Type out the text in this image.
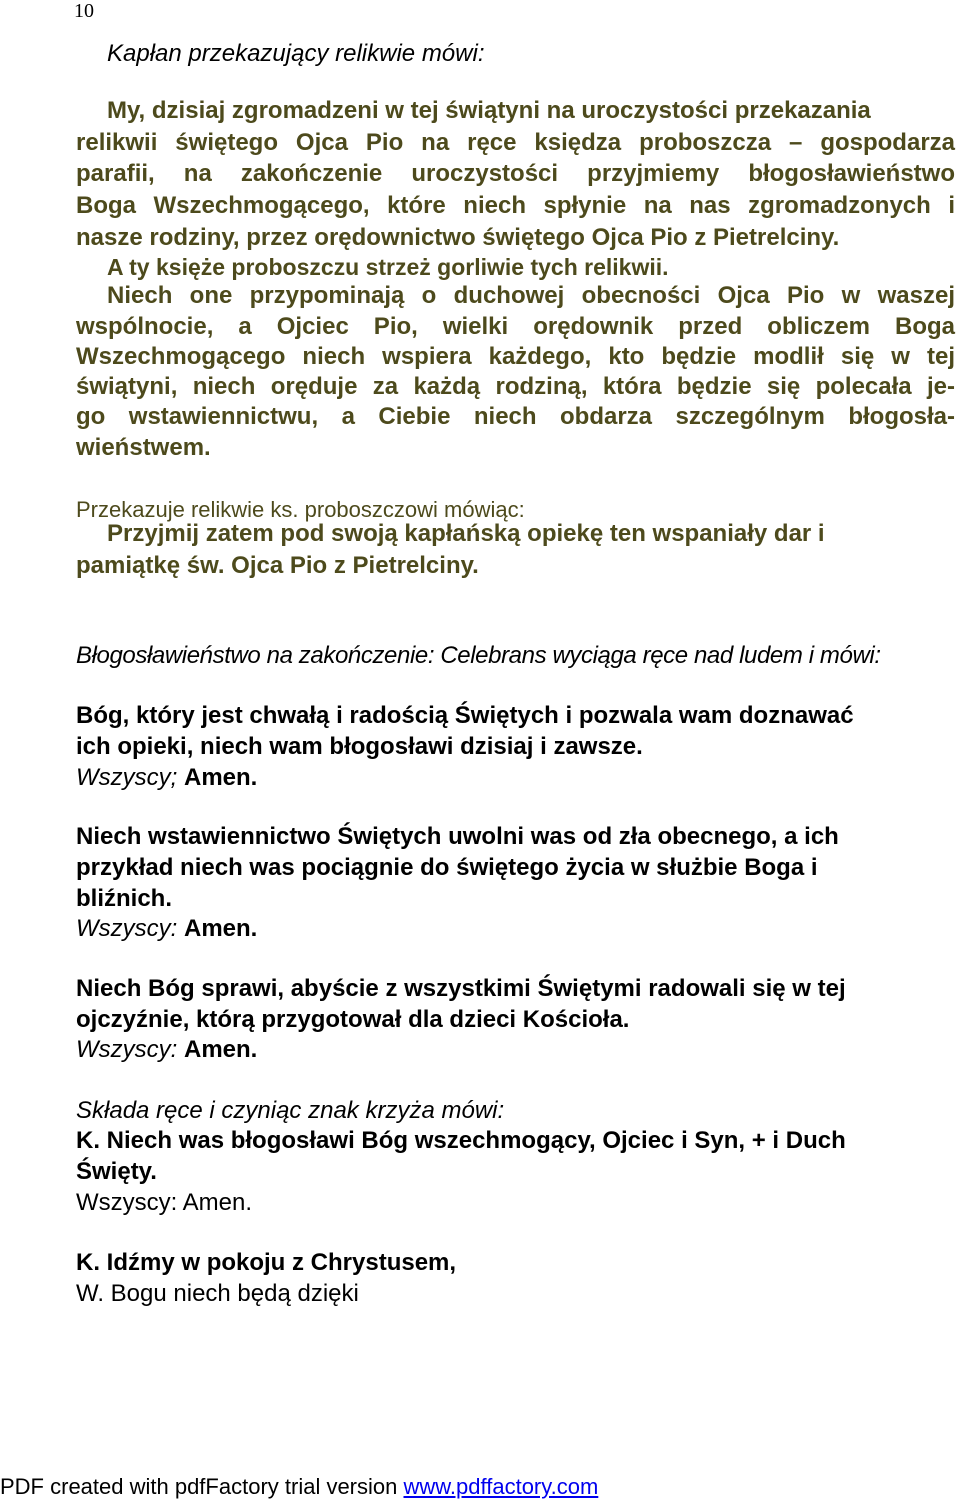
10
Kapłan przekazujący relikwie mówi:
My, dzisiaj zgromadzeni w tej świątyni na uroczystości przekazania
relikwii świętego Ojca Pio na ręce księdza proboszcza – gospodarza
parafii, na zakończenie uroczystości przyjmiemy błogosławieństwo
Boga Wszechmogącego, które niech spłynie na nas zgromadzonych i
nasze rodziny, przez orędownictwo świętego Ojca Pio z Pietrelciny.
A ty księże proboszczu strzeż gorliwie tych relikwii.
Niech one przypominają o duchowej obecności Ojca Pio w waszej
wspólnocie, a Ojciec Pio, wielki orędownik przed obliczem Boga
Wszechmogącego niech wspiera każdego, kto będzie modlił się w tej
świątyni, niech oręduje za każdą rodziną, która będzie się polecała je-
go wstawiennictwu, a Ciebie niech obdarza szczególnym błogosła-
wieństwem.
Przekazuje relikwie ks. proboszczowi mówiąc:
Przyjmij zatem pod swoją kapłańską opiekę ten wspaniały dar i
pamiątkę św. Ojca Pio z Pietrelciny.
Błogosławieństwo na zakończenie: Celebrans wyciąga ręce nad ludem i mówi:
Bóg, który jest chwałą i radością Świętych i pozwala wam doznawać
ich opieki, niech wam błogosławi dzisiaj i zawsze.
Wszyscy; Amen.
Niech wstawiennictwo Świętych uwolni was od zła obecnego, a ich
przykład niech was pociągnie do świętego życia w służbie Boga i
bliźnich.
Wszyscy: Amen.
Niech Bóg sprawi, abyście z wszystkimi Świętymi radowali się w tej
ojczyźnie, którą przygotował dla dzieci Kościoła.
Wszyscy: Amen.
Składa ręce i czyniąc znak krzyża mówi:
K. Niech was błogosławi Bóg wszechmogący, Ojciec i Syn, + i Duch
Święty.
Wszyscy: Amen.
K. Idźmy w pokoju z Chrystusem,
W. Bogu niech będą dzięki
PDF created with pdfFactory trial version www.pdffactory.com
